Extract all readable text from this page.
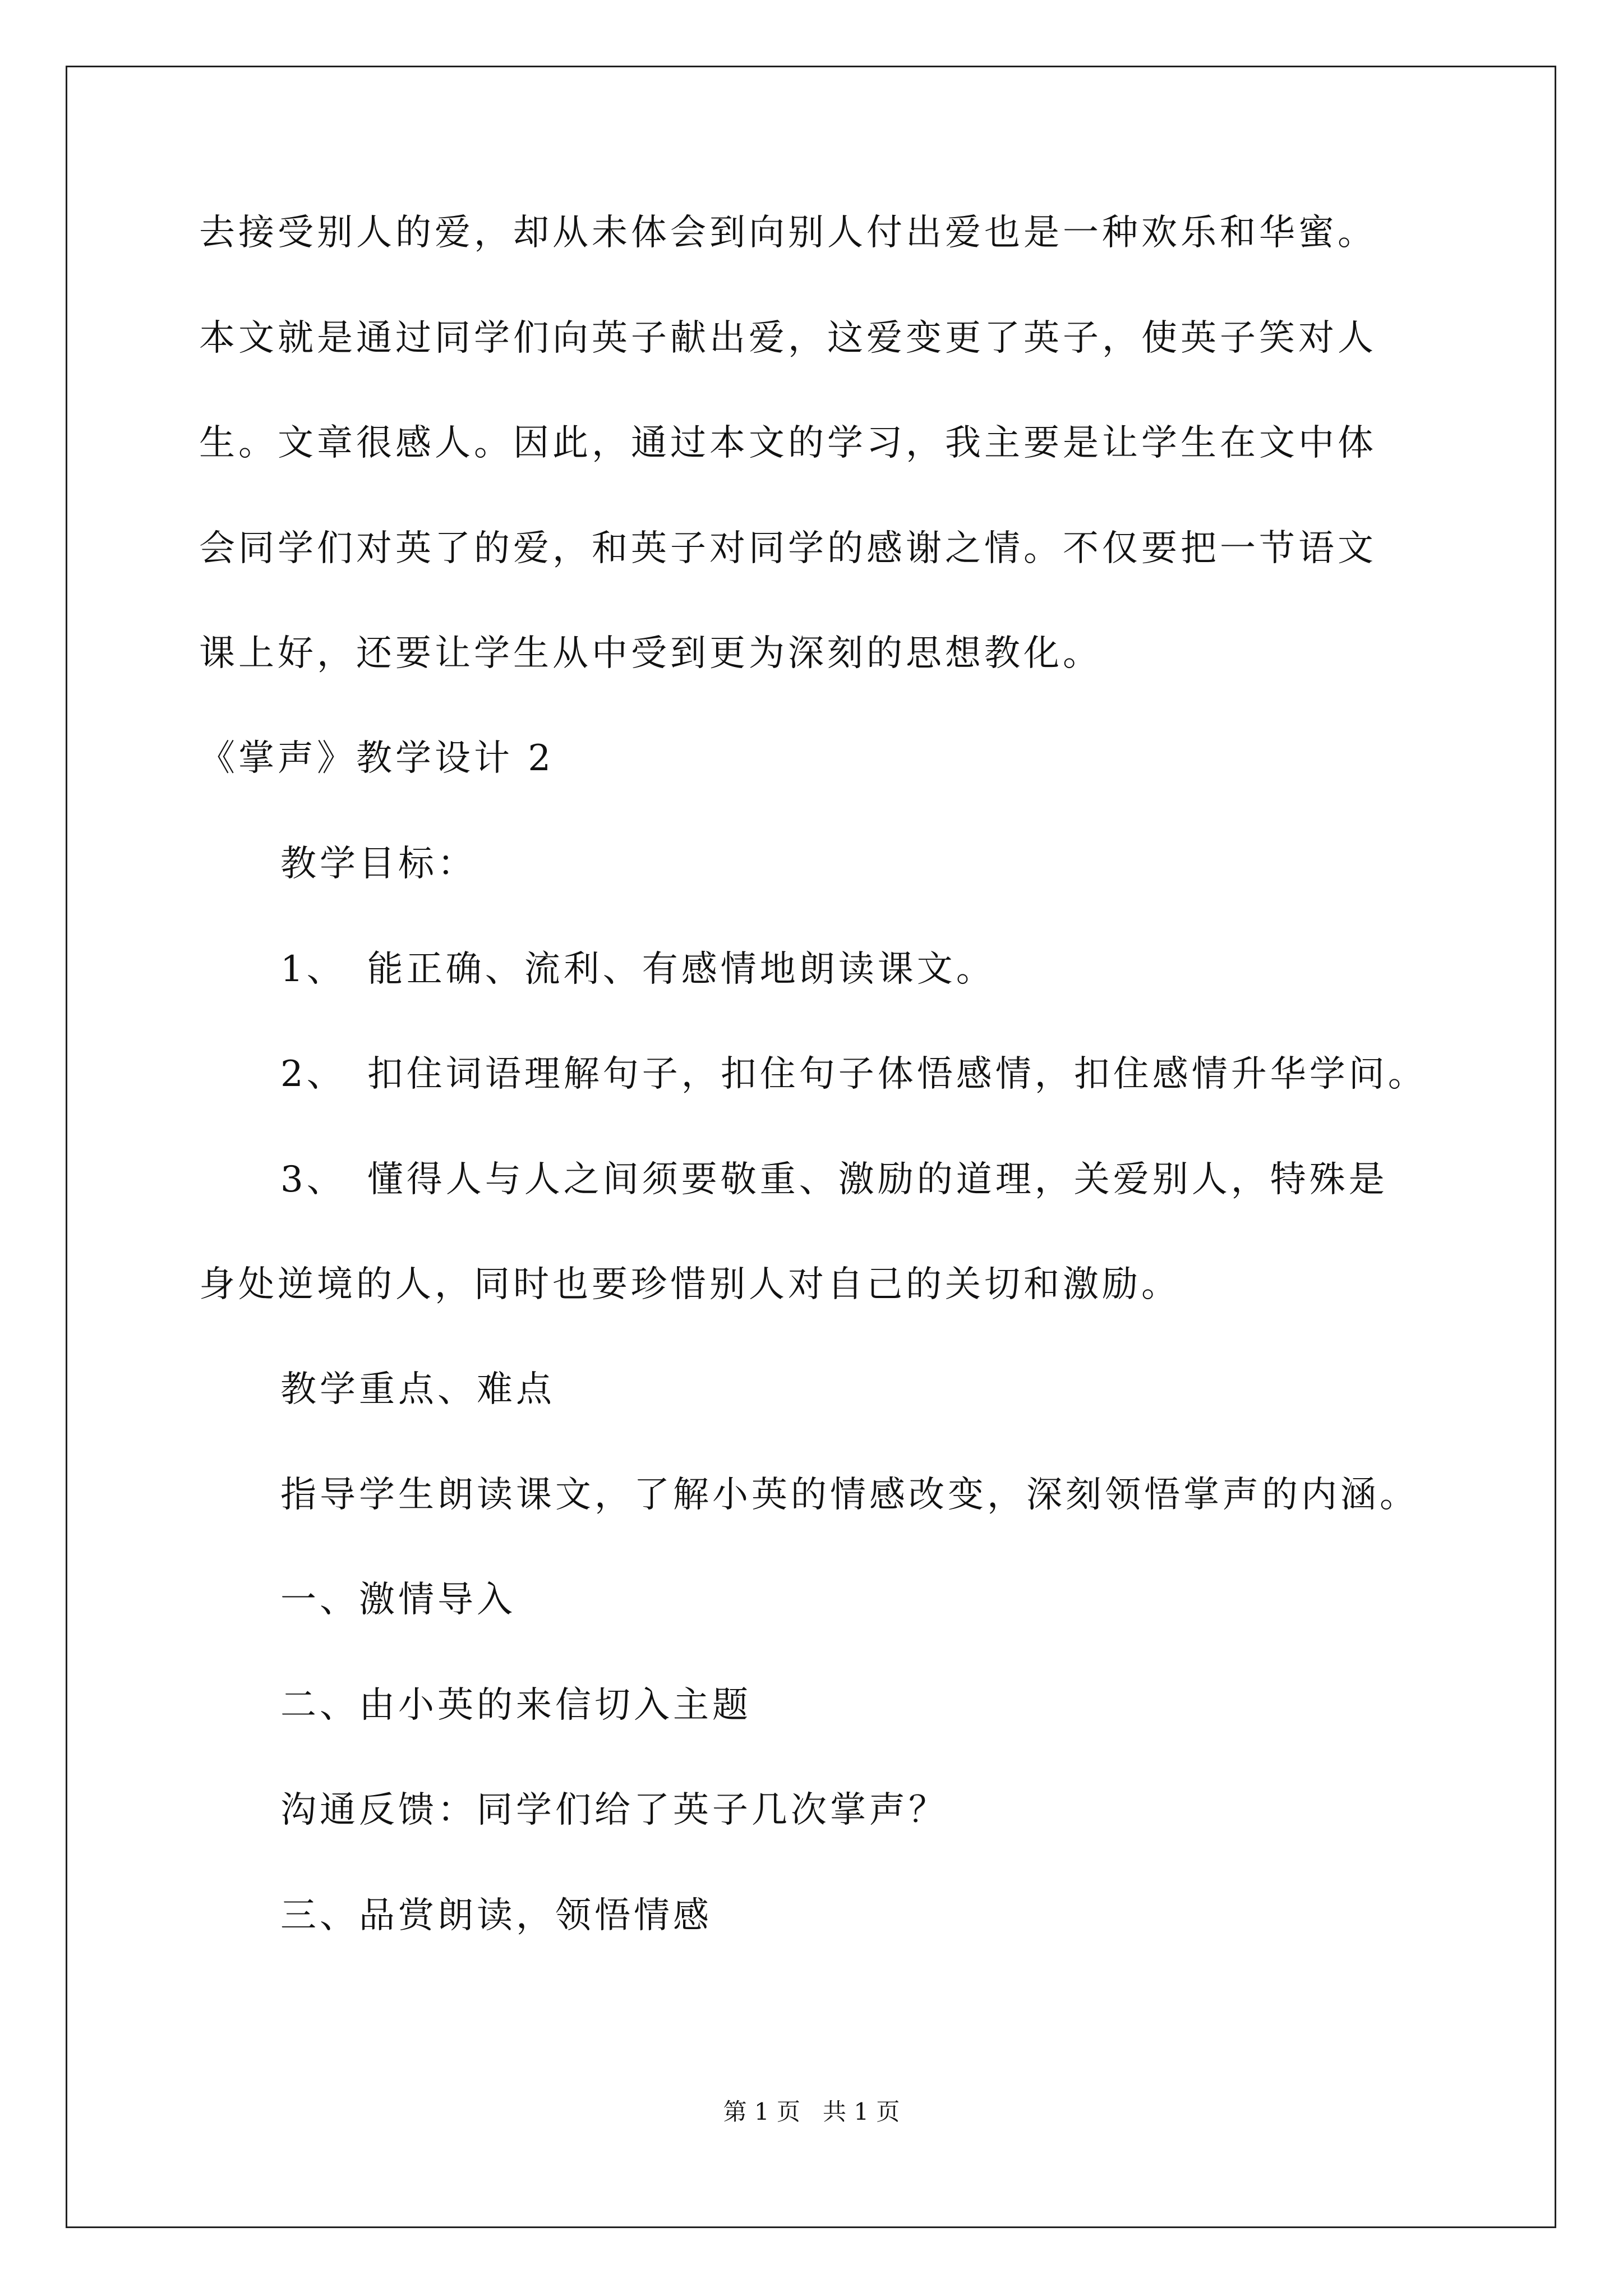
去接受别人的爱，却从未体会到向别人付出爱也是一种欢乐和华蜜。
本文就是通过同学们向英子献出爱，这爱变更了英子，使英子笑对人
生。文章很感人。因此，通过本文的学习，我主要是让学生在文中体
会同学们对英了的爱，和英子对同学的感谢之情。不仅要把一节语文
课上好，还要让学生从中受到更为深刻的思想教化。
《掌声》教学设计 2
教学目标：
1、　能正确、流利、有感情地朗读课文。
2、　扣住词语理解句子，扣住句子体悟感情，扣住感情升华学问。
3、　懂得人与人之间须要敬重、激励的道理，关爱别人，特殊是
身处逆境的人，同时也要珍惜别人对自己的关切和激励。
教学重点、难点
指导学生朗读课文，了解小英的情感改变，深刻领悟掌声的内涵。
一、激情导入
二、由小英的来信切入主题
沟通反馈：同学们给了英子几次掌声？
三、品赏朗读，领悟情感
第 1 页 共 1 页
